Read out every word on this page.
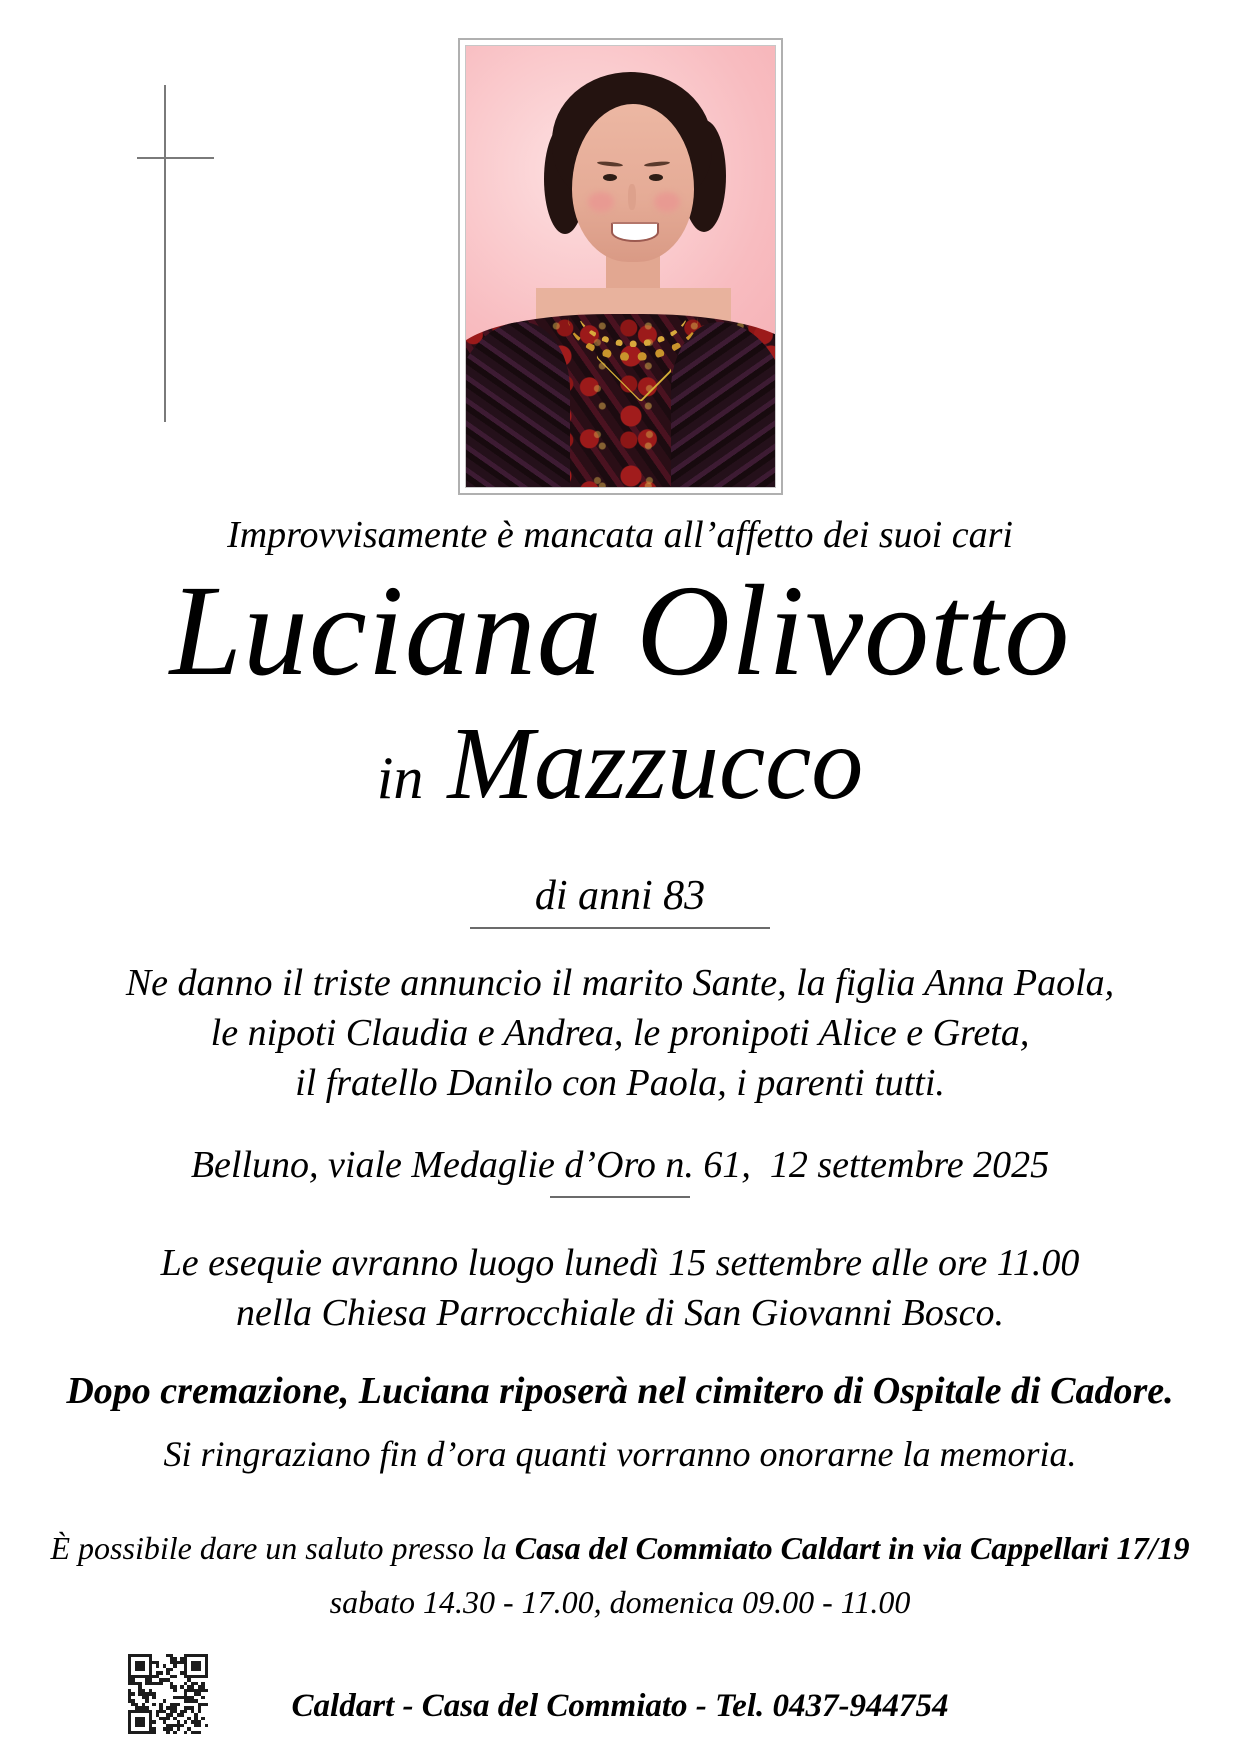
Improvvisamente è mancata all’affetto dei suoi cari
Luciana Olivotto
in Mazzucco
di anni 83
Ne danno il triste annuncio il marito Sante, la figlia Anna Paola,
le nipoti Claudia e Andrea, le pronipoti Alice e Greta,
il fratello Danilo con Paola, i parenti tutti.
Belluno, viale Medaglie d’Oro n. 61,  12 settembre 2025
Le esequie avranno luogo lunedì 15 settembre alle ore 11.00
nella Chiesa Parrocchiale di San Giovanni Bosco.
Dopo cremazione, Luciana riposerà nel cimitero di Ospitale di Cadore.
Si ringraziano fin d’ora quanti vorranno onorarne la memoria.
È possibile dare un saluto presso la Casa del Commiato Caldart in via Cappellari 17/19
sabato 14.30 - 17.00, domenica 09.00 - 11.00
Caldart - Casa del Commiato - Tel. 0437-944754
